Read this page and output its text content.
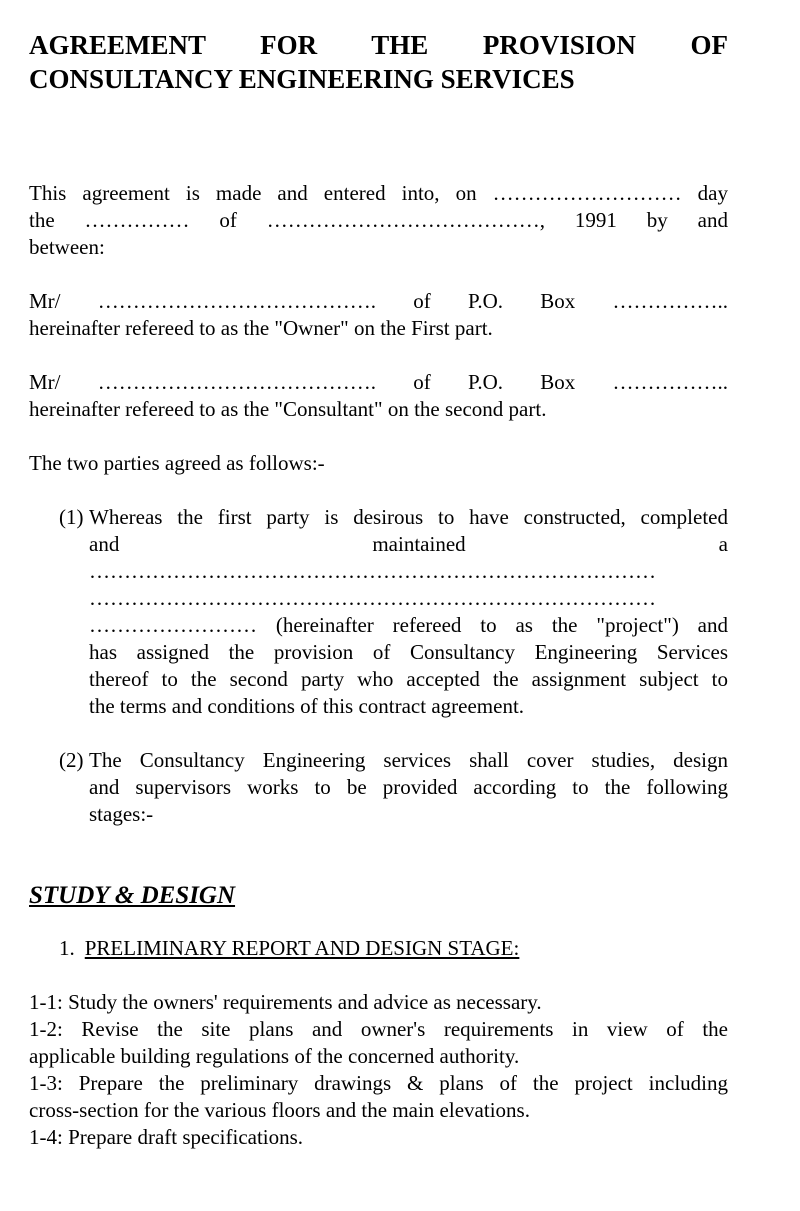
AGREEMENT FOR THE PROVISION OF
CONSULTANCY ENGINEERING SERVICES

This agreement is made and entered into, on ……………………… day
the …………… of …………………………………, 1991 by and
between:

Mr/ …………………………………. of P.O. Box ……………..
hereinafter refereed to as the "Owner" on the First part.

Mr/ …………………………………. of P.O. Box ……………..
hereinafter refereed to as the "Consultant" on the second part.

The two parties agreed as follows:-

(1) Whereas the first party is desirous to have constructed, completed
and maintained a
………………………………………………………………………
………………………………………………………………………
…………………… (hereinafter refereed to as the "project") and
has assigned the provision of Consultancy Engineering Services
thereof to the second party who accepted the assignment subject to
the terms and conditions of this contract agreement.
(2) The Consultancy Engineering services shall cover studies, design
and supervisors works to be provided according to the following
stages:-
STUDY & DESIGN

1. PRELIMINARY REPORT AND DESIGN STAGE:

1-1: Study the owners' requirements and advice as necessary.
1-2: Revise the site plans and owner's requirements in view of the
applicable building regulations of the concerned authority.
1-3: Prepare the preliminary drawings & plans of the project including
cross-section for the various floors and the main elevations.
1-4: Prepare draft specifications.
